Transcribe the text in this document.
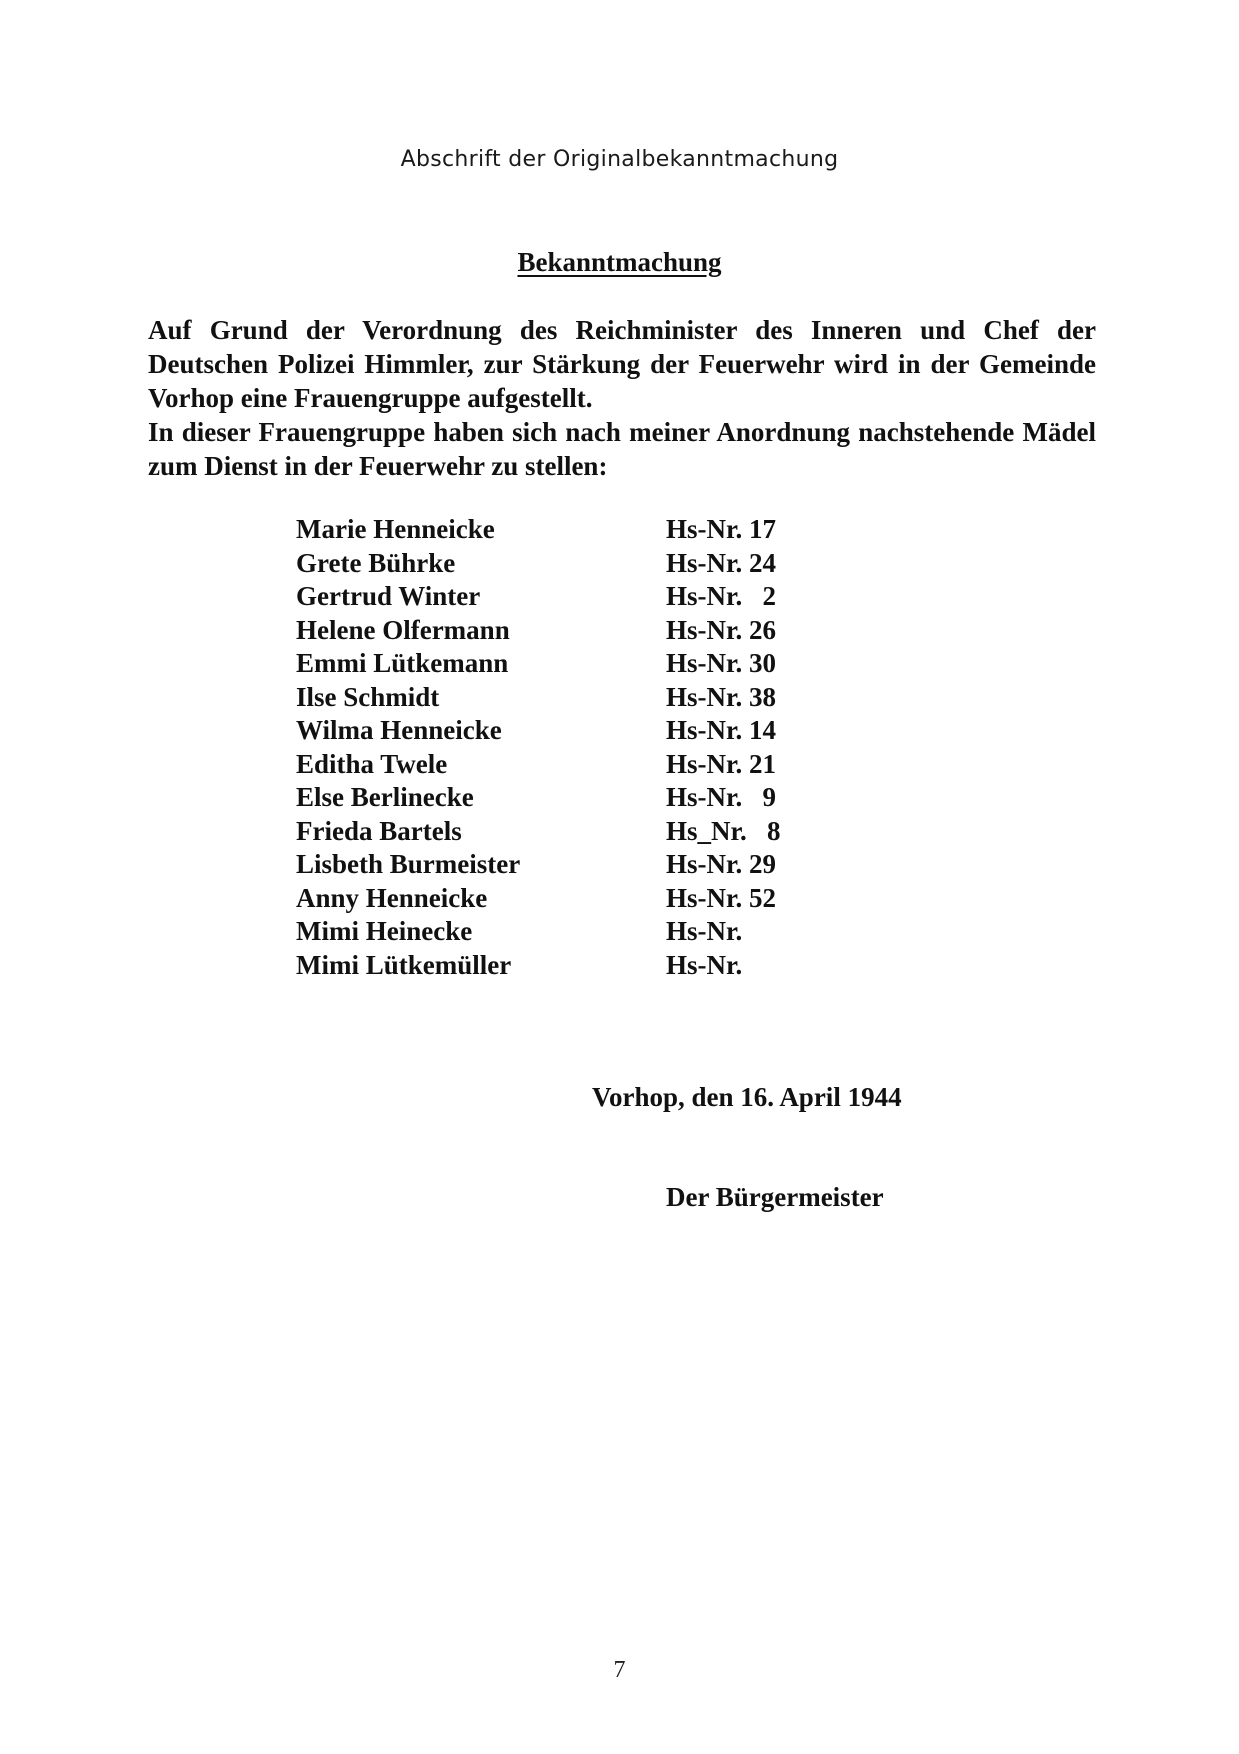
Abschrift der Originalbekanntmachung
Bekanntmachung

Auf Grund der Verordnung des Reichminister des Inneren und Chef der Deutschen Polizei Himmler, zur Stärkung der Feuerwehr wird in der Gemeinde Vorhop eine Frauengruppe aufgestellt.

In dieser Frauengruppe haben sich nach meiner Anordnung nachstehende Mädel zum Dienst in der Feuerwehr zu stellen:

Marie Henneicke	Hs-Nr. 17
Grete Bührke	Hs-Nr. 24
Gertrud Winter	Hs-Nr.   2
Helene Olfermann	Hs-Nr. 26
Emmi Lütkemann	Hs-Nr. 30
Ilse Schmidt	Hs-Nr. 38
Wilma Henneicke	Hs-Nr. 14
Editha Twele	Hs-Nr. 21
Else Berlinecke	Hs-Nr.   9
Frieda Bartels	Hs_Nr.   8
Lisbeth Burmeister	Hs-Nr. 29
Anny Henneicke	Hs-Nr. 52
Mimi Heinecke	Hs-Nr.
Mimi Lütkemüller	Hs-Nr.
Vorhop, den 16. April 1944
Der Bürgermeister
7
